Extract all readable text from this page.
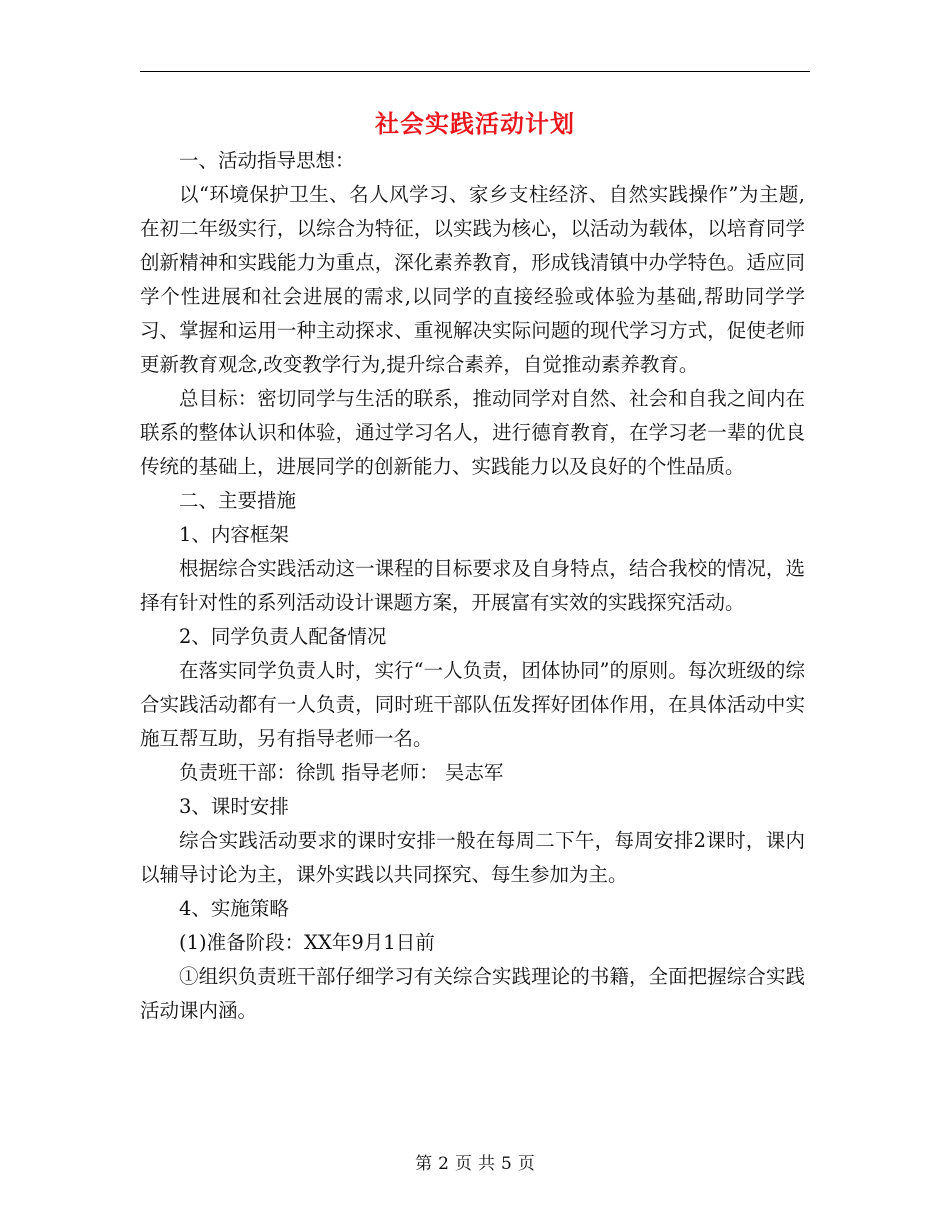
社会实践活动计划

一、活动指导思想：

以“环境保护卫生、名人风学习、家乡支柱经济、自然实践操作”为主题,在初二年级实行，以综合为特征，以实践为核心，以活动为载体，以培育同学创新精神和实践能力为重点，深化素养教育，形成钱清镇中办学特色。适应同学个性进展和社会进展的需求,以同学的直接经验或体验为基础,帮助同学学习、掌握和运用一种主动探求、重视解决实际问题的现代学习方式，促使老师更新教育观念,改变教学行为,提升综合素养，自觉推动素养教育。

总目标：密切同学与生活的联系，推动同学对自然、社会和自我之间内在联系的整体认识和体验，通过学习名人，进行德育教育，在学习老一辈的优良传统的基础上，进展同学的创新能力、实践能力以及良好的个性品质。

二、主要措施

1、内容框架

根据综合实践活动这一课程的目标要求及自身特点，结合我校的情况，选择有针对性的系列活动设计课题方案，开展富有实效的实践探究活动。

2、同学负责人配备情况

在落实同学负责人时，实行“一人负责，团体协同”的原则。每次班级的综合实践活动都有一人负责，同时班干部队伍发挥好团体作用，在具体活动中实施互帮互助，另有指导老师一名。

负责班干部：徐凯 指导老师： 吴志军

3、课时安排

综合实践活动要求的课时安排一般在每周二下午，每周安排2课时，课内以辅导讨论为主，课外实践以共同探究、每生参加为主。

4、实施策略

(1)准备阶段：XX年9月1日前

①组织负责班干部仔细学习有关综合实践理论的书籍，全面把握综合实践活动课内涵。

第 2 页 共 5 页
